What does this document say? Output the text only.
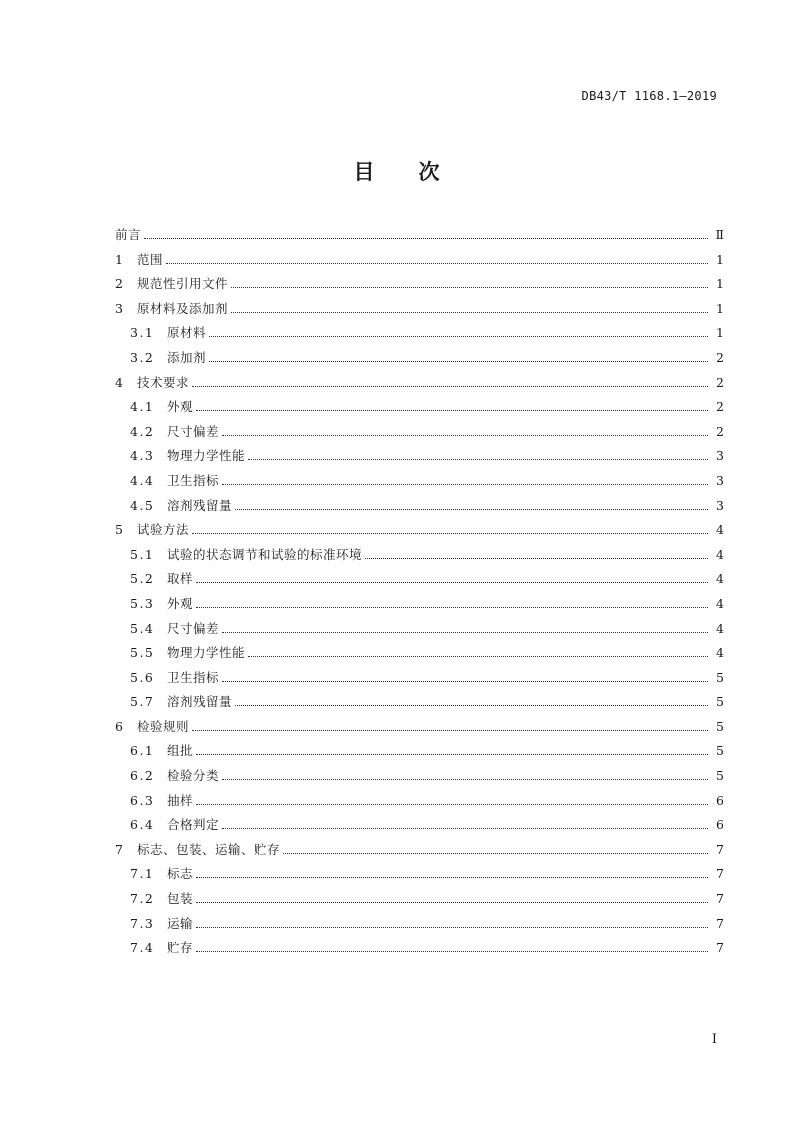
DB43/T 1168.1—2019
目 次
前言	Ⅱ
1	范围	1
2	规范性引用文件	1
3	原材料及添加剂	1
3.1	原材料	1
3.2	添加剂	2
4	技术要求	2
4.1	外观	2
4.2	尺寸偏差	2
4.3	物理力学性能	3
4.4	卫生指标	3
4.5	溶剂残留量	3
5	试验方法	4
5.1	试验的状态调节和试验的标准环境	4
5.2	取样	4
5.3	外观	4
5.4	尺寸偏差	4
5.5	物理力学性能	4
5.6	卫生指标	5
5.7	溶剂残留量	5
6	检验规则	5
6.1	组批	5
6.2	检验分类	5
6.3	抽样	6
6.4	合格判定	6
7	标志、包装、运输、贮存	7
7.1	标志	7
7.2	包装	7
7.3	运输	7
7.4	贮存	7
I
